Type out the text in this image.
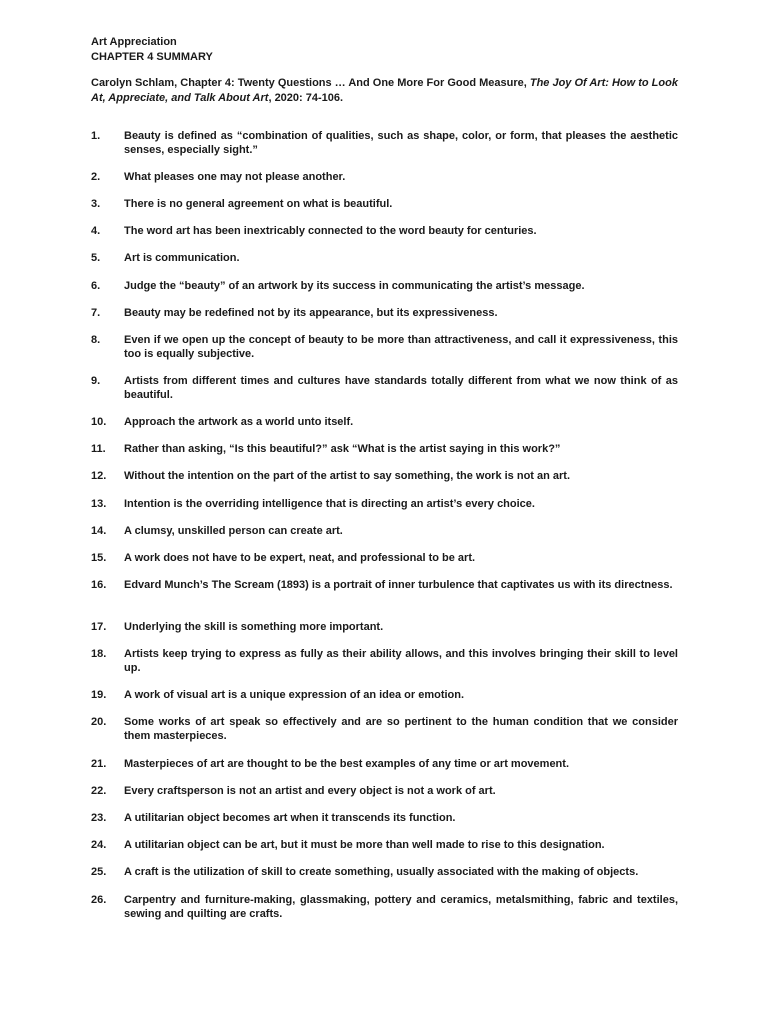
Art Appreciation
CHAPTER 4 SUMMARY
Carolyn Schlam, Chapter 4: Twenty Questions … And One More For Good Measure, The Joy Of Art: How to Look At, Appreciate, and Talk About Art, 2020: 74-106.
1.	Beauty is defined as “combination of qualities, such as shape, color, or form, that pleases the aesthetic senses, especially sight.”
2.	What pleases one may not please another.
3.	There is no general agreement on what is beautiful.
4.	The word art has been inextricably connected to the word beauty for centuries.
5.	Art is communication.
6.	Judge the “beauty” of an artwork by its success in communicating the artist’s message.
7.	Beauty may be redefined not by its appearance, but its expressiveness.
8.	Even if we open up the concept of beauty to be more than attractiveness, and call it expressiveness, this too is equally subjective.
9.	Artists from different times and cultures have standards totally different from what we now think of as beautiful.
10.	Approach the artwork as a world unto itself.
11.	Rather than asking, “Is this beautiful?” ask “What is the artist saying in this work?”
12.	Without the intention on the part of the artist to say something, the work is not an art.
13.	Intention is the overriding intelligence that is directing an artist’s every choice.
14.	A clumsy, unskilled person can create art.
15.	A work does not have to be expert, neat, and professional to be art.
16.	Edvard Munch’s The Scream (1893) is a portrait of inner turbulence that captivates us with its directness.
17.	Underlying the skill is something more important.
18.	Artists keep trying to express as fully as their ability allows, and this involves bringing their skill to level up.
19.	A work of visual art is a unique expression of an idea or emotion.
20.	Some works of art speak so effectively and are so pertinent to the human condition that we consider them masterpieces.
21.	Masterpieces of art are thought to be the best examples of any time or art movement.
22.	Every craftsperson is not an artist and every object is not a work of art.
23.	A utilitarian object becomes art when it transcends its function.
24.	A utilitarian object can be art, but it must be more than well made to rise to this designation.
25.	A craft is the utilization of skill to create something, usually associated with the making of objects.
26.	Carpentry and furniture-making, glassmaking, pottery and ceramics, metalsmithing, fabric and textiles, sewing and quilting are crafts.
